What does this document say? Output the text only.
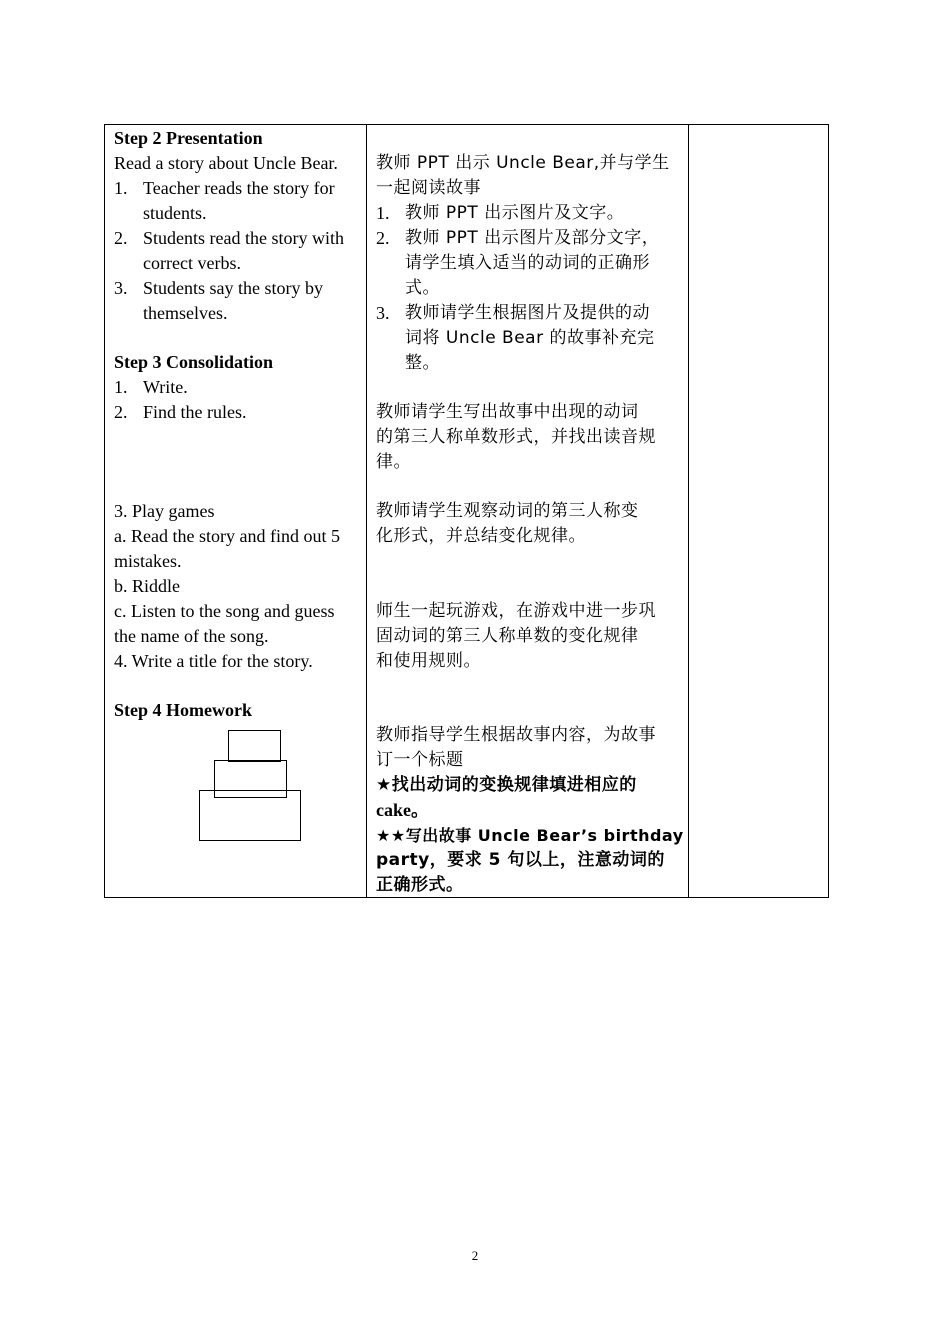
Step 2 Presentation
Read a story about Uncle Bear.
1. Teacher reads the story for
students.
2. Students read the story with
correct verbs.
3. Students say the story by
themselves.
Step 3 Consolidation
1. Write.
2. Find the rules.
3. Play games
a. Read the story and find out 5
mistakes.
b. Riddle
c. Listen to the song and guess
the name of the song.
4. Write a title for the story.
Step 4 Homework
教师 PPT 出示 Uncle Bear,并与学生
一起阅读故事
1. 教师 PPT 出示图片及文字。
2. 教师 PPT 出示图片及部分文字，
请学生填入适当的动词的正确形
式。
3. 教师请学生根据图片及提供的动
词将 Uncle Bear 的故事补充完
整。
教师请学生写出故事中出现的动词
的第三人称单数形式，并找出读音规
律。
教师请学生观察动词的第三人称变
化形式，并总结变化规律。
师生一起玩游戏，在游戏中进一步巩
固动词的第三人称单数的变化规律
和使用规则。
教师指导学生根据故事内容，为故事
订一个标题
★找出动词的变换规律填进相应的
cake。
★★写出故事 Uncle Bear’s birthday
party，要求 5 句以上，注意动词的
正确形式。
2
